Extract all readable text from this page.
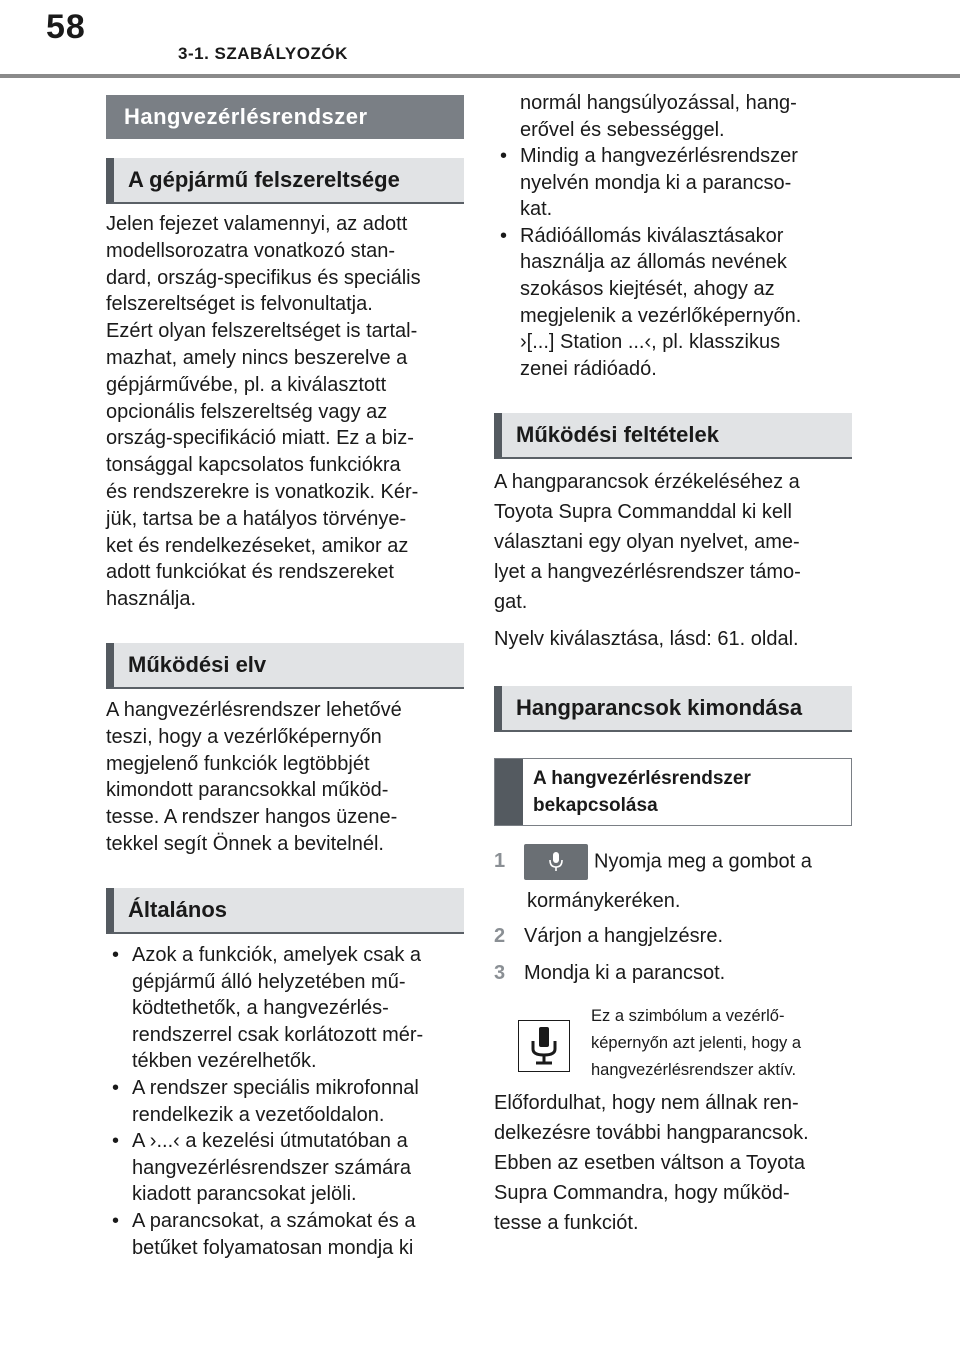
58
3-1. SZABÁLYOZÓK
Hangvezérlésrendszer
A gépjármű felszereltsége
Jelen fejezet valamennyi, az adott
modellsorozatra vonatkozó stan-
dard, ország-specifikus és speciális
felszereltséget is felvonultatja.
Ezért olyan felszereltséget is tartal-
mazhat, amely nincs beszerelve a
gépjárművébe, pl. a kiválasztott
opcionális felszereltség vagy az
ország-specifikáció miatt. Ez a biz-
tonsággal kapcsolatos funkciókra
és rendszerekre is vonatkozik. Kér-
jük, tartsa be a hatályos törvénye-
ket és rendelkezéseket, amikor az
adott funkciókat és rendszereket
használja.
Működési elv
A hangvezérlésrendszer lehetővé
teszi, hogy a vezérlőképernyőn
megjelenő funkciók legtöbbjét
kimondott parancsokkal működ-
tesse. A rendszer hangos üzene-
tekkel segít Önnek a bevitelnél.
Általános
• Azok a funkciók, amelyek csak a
gépjármű álló helyzetében mű-
ködtethetők, a hangvezérlés-
rendszerrel csak korlátozott mér-
tékben vezérelhetők.
• A rendszer speciális mikrofonnal
rendelkezik a vezetőoldalon.
• A ›...‹ a kezelési útmutatóban a
hangvezérlésrendszer számára
kiadott parancsokat jelöli.
• A parancsokat, a számokat és a
betűket folyamatosan mondja ki
normál hangsúlyozással, hang-
erővel és sebességgel.
• Mindig a hangvezérlésrendszer
nyelvén mondja ki a parancso-
kat.
• Rádióállomás kiválasztásakor
használja az állomás nevének
szokásos kiejtését, ahogy az
megjelenik a vezérlőképernyőn.
›[...] Station ...‹, pl. klasszikus
zenei rádióadó.
Működési feltételek
A hangparancsok érzékeléséhez a
Toyota Supra Commanddal ki kell
választani egy olyan nyelvet, ame-
lyet a hangvezérlésrendszer támo-
gat.
Nyelv kiválasztása, lásd: 61. oldal.
Hangparancsok kimondása
A hangvezérlésrendszer
bekapcsolása
1	Nyomja meg a gombot a
kormánykeréken.
2 Várjon a hangjelzésre.
3 Mondja ki a parancsot.
Ez a szimbólum a vezérlő-
képernyőn azt jelenti, hogy a
hangvezérlésrendszer aktív.
Előfordulhat, hogy nem állnak ren-
delkezésre további hangparancsok.
Ebben az esetben váltson a Toyota
Supra Commandra, hogy működ-
tesse a funkciót.
